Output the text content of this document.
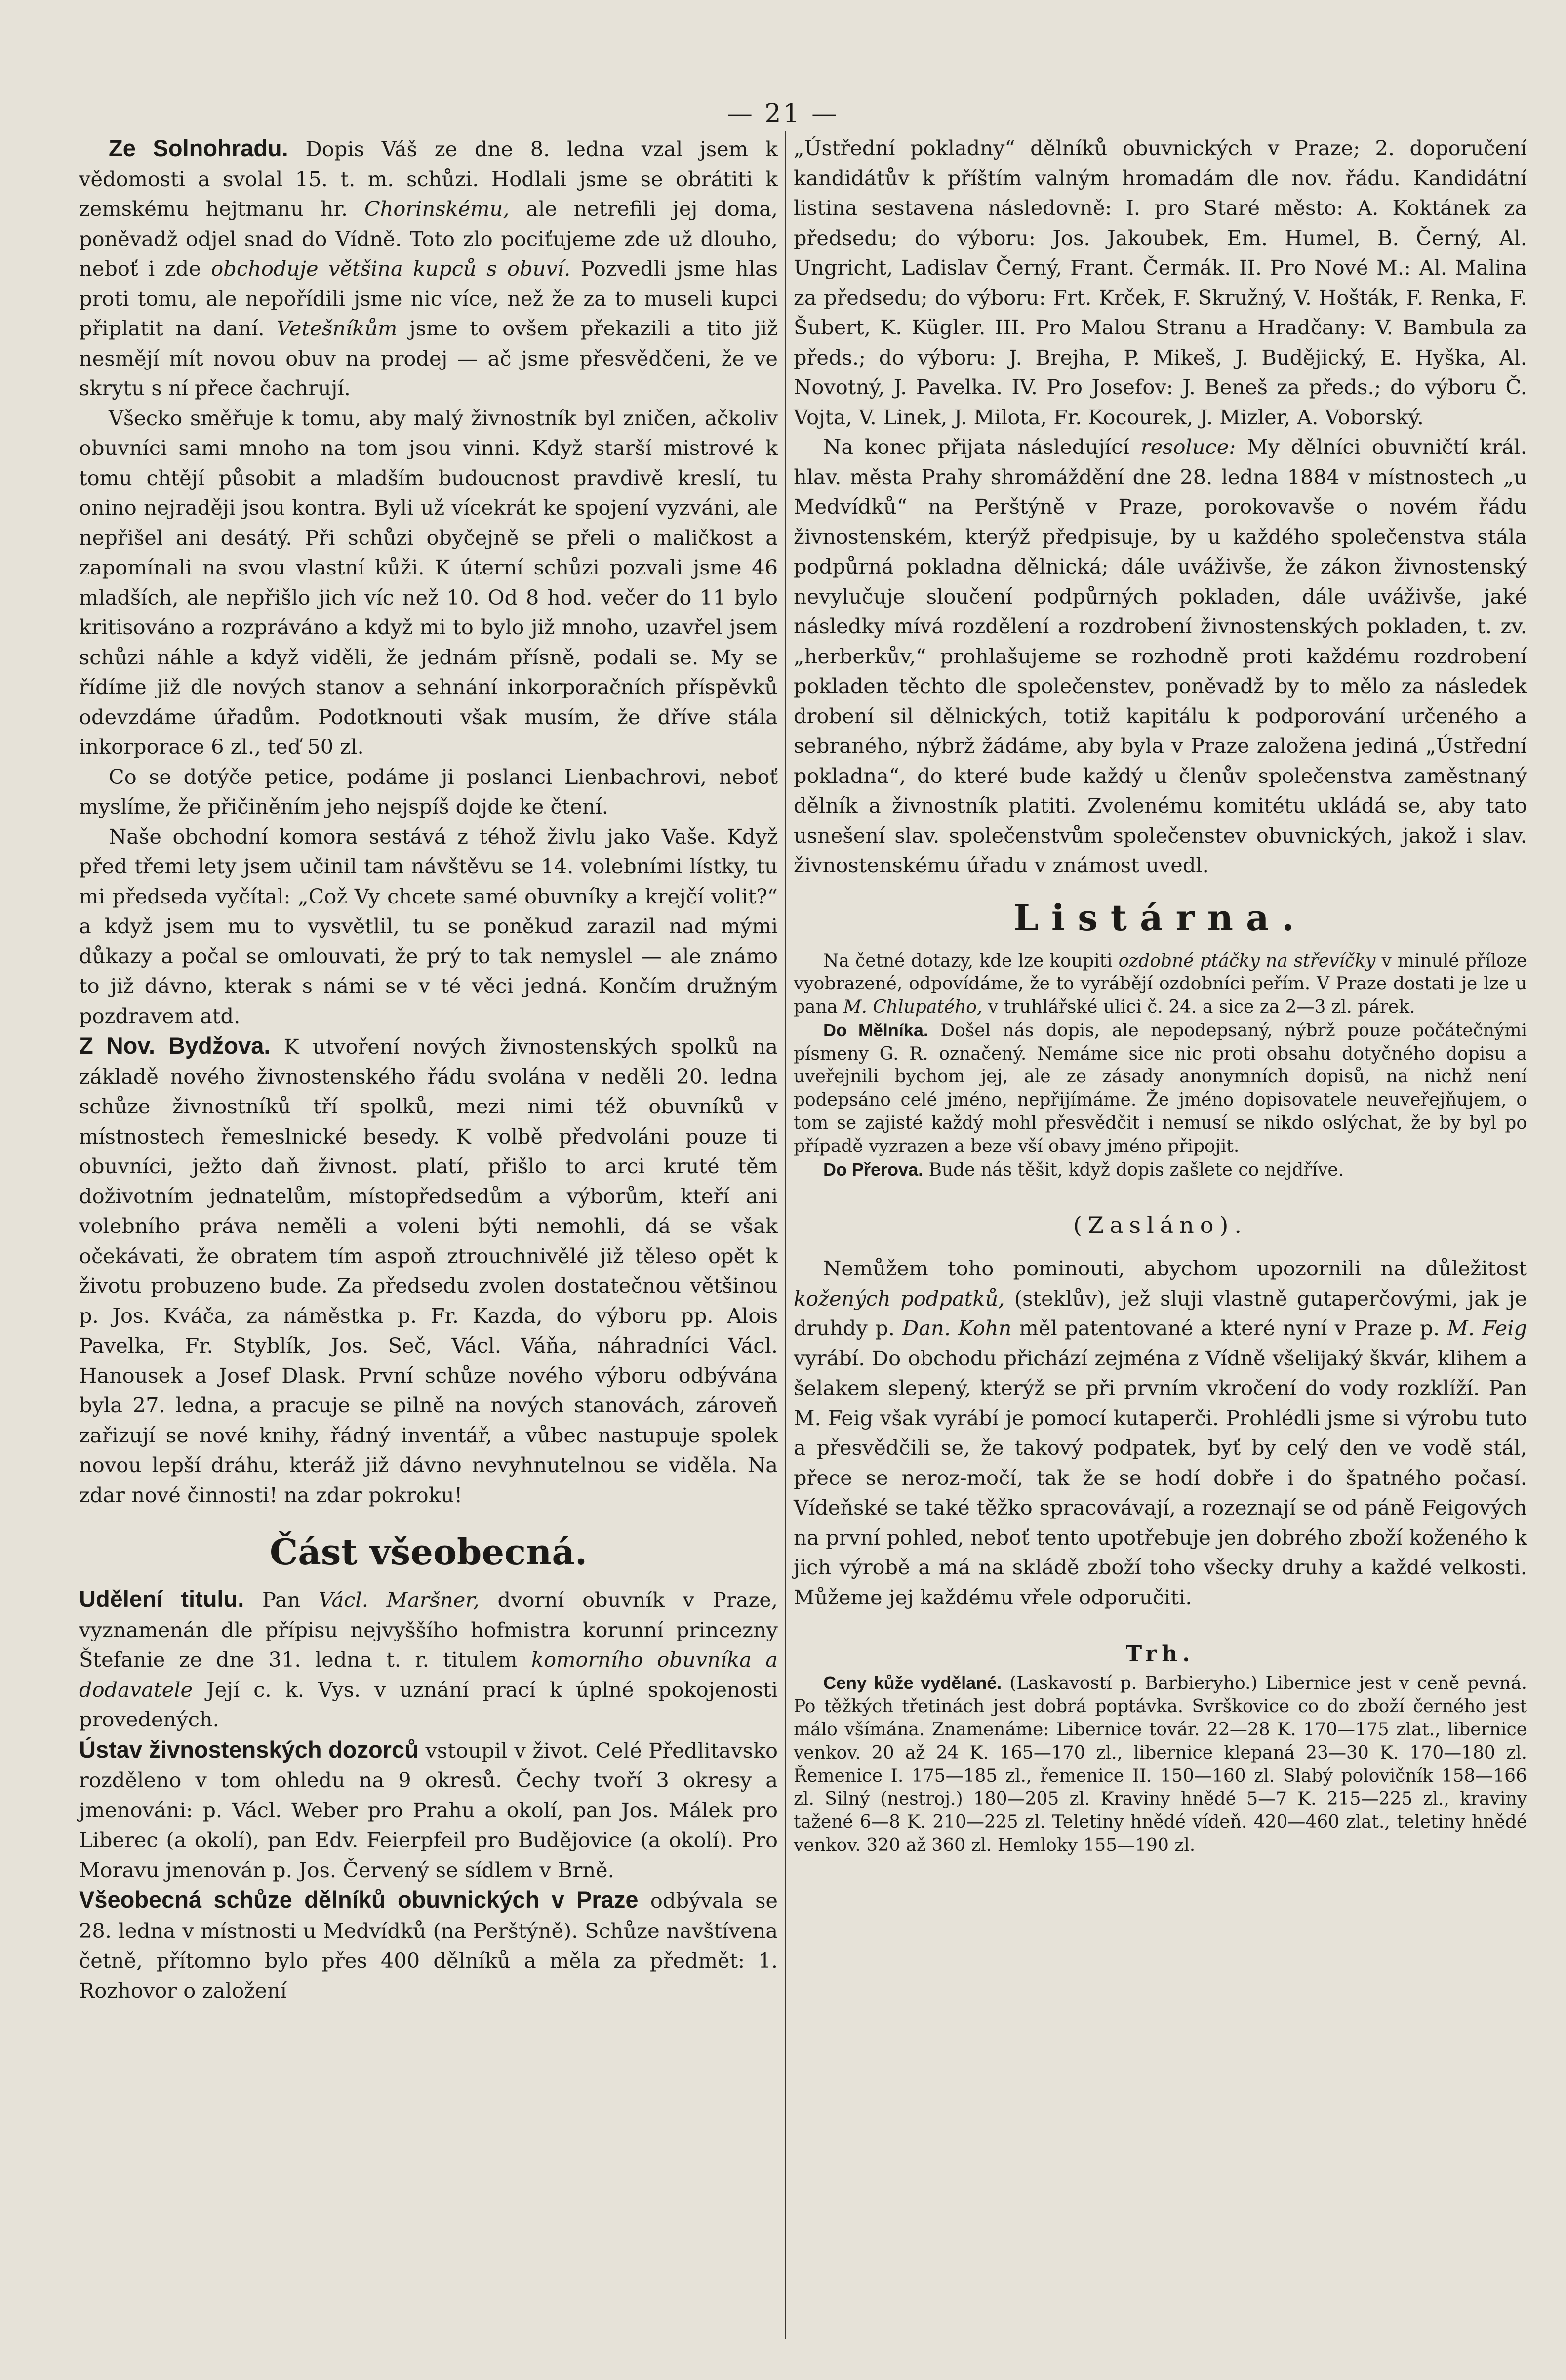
— 21 —

Ze Solnohradu. Dopis Váš ze dne 8. ledna vzal jsem k vědomosti a svolal 15. t. m. schůzi. Hodlali jsme se obrátiti k zemskému hejtmanu hr. Chorinskému, ale netrefili jej doma, poněvadž odjel snad do Vídně. Toto zlo pociťujeme zde už dlouho, neboť i zde obchoduje většina kupců s obuví. Pozvedli jsme hlas proti tomu, ale nepořídili jsme nic více, než že za to museli kupci připlatit na daní. Vetešníkům jsme to ovšem překazili a tito již nesmějí mít novou obuv na prodej — ač jsme přesvědčeni, že ve skrytu s ní přece čachrují.

Všecko směřuje k tomu, aby malý živnostník byl zničen, ačkoliv obuvníci sami mnoho na tom jsou vinni. Když starší mistrové k tomu chtějí působit a mladším budoucnost pravdivě kreslí, tu onino nejraději jsou kontra. Byli už vícekrát ke spojení vyzváni, ale nepřišel ani desátý. Při schůzi obyčejně se přeli o maličkost a zapomínali na svou vlastní kůži. K úterní schůzi pozvali jsme 46 mladších, ale nepřišlo jich víc než 10. Od 8 hod. večer do 11 bylo kritisováno a rozpráváno a když mi to bylo již mnoho, uzavřel jsem schůzi náhle a když viděli, že jednám přísně, podali se. My se řídíme již dle nových stanov a sehnání inkorporačních příspěvků odevzdáme úřadům. Podotknouti však musím, že dříve stála inkorporace 6 zl., teď 50 zl.

Co se dotýče petice, podáme ji poslanci Lienbachrovi, neboť myslíme, že přičiněním jeho nejspíš dojde ke čtení.

Naše obchodní komora sestává z téhož živlu jako Vaše. Když před třemi lety jsem učinil tam návštěvu se 14. volebními lístky, tu mi předseda vyčítal: „Což Vy chcete samé obuvníky a krejčí volit?“ a když jsem mu to vysvětlil, tu se poněkud zarazil nad mými důkazy a počal se omlouvati, že prý to tak nemyslel — ale známo to již dávno, kterak s námi se v té věci jedná. Končím družným pozdravem atd.

Z Nov. Bydžova. K utvoření nových živnostenských spolků na základě nového živnostenského řádu svolána v neděli 20. ledna schůze živnostníků tří spolků, mezi nimi též obuvníků v místnostech řemeslnické besedy. K volbě předvoláni pouze ti obuvníci, ježto daň živnost. platí, přišlo to arci kruté těm doživotním jednatelům, místopředsedům a výborům, kteří ani volebního práva neměli a voleni býti nemohli, dá se však očekávati, že obratem tím aspoň ztrouchnivělé již těleso opět k životu probuzeno bude. Za předsedu zvolen dostatečnou většinou p. Jos. Kváča, za náměstka p. Fr. Kazda, do výboru pp. Alois Pavelka, Fr. Styblík, Jos. Seč, Václ. Váňa, náhradníci Václ. Hanousek a Josef Dlask. První schůze nového výboru odbývána byla 27. ledna, a pracuje se pilně na nových stanovách, zároveň zařizují se nové knihy, řádný inventář, a vůbec nastupuje spolek novou lepší dráhu, kteráž již dávno nevyhnutelnou se viděla. Na zdar nové činnosti! na zdar pokroku!

Část všeobecná.

Udělení titulu. Pan Václ. Maršner, dvorní obuvník v Praze, vyznamenán dle přípisu nejvyššího hofmistra korunní princezny Štefanie ze dne 31. ledna t. r. titulem komorního obuvníka a dodavatele Její c. k. Vys. v uznání prací k úplné spokojenosti provedených.

Ústav živnostenských dozorců vstoupil v život. Celé Předlitavsko rozděleno v tom ohledu na 9 okresů. Čechy tvoří 3 okresy a jmenováni: p. Václ. Weber pro Prahu a okolí, pan Jos. Málek pro Liberec (a okolí), pan Edv. Feierpfeil pro Budějovice (a okolí). Pro Moravu jmenován p. Jos. Červený se sídlem v Brně.

Všeobecná schůze dělníků obuvnických v Praze odbývala se 28. ledna v místnosti u Medvídků (na Perštýně). Schůze navštívena četně, přítomno bylo přes 400 dělníků a měla za předmět: 1. Rozhovor o založení

„Ústřední pokladny“ dělníků obuvnických v Praze; 2. doporučení kandidátův k příštím valným hromadám dle nov. řádu. Kandidátní listina sestavena následovně: I. pro Staré město: A. Koktánek za předsedu; do výboru: Jos. Jakoubek, Em. Humel, B. Černý, Al. Ungricht, Ladislav Černý, Frant. Čermák. II. Pro Nové M.: Al. Malina za předsedu; do výboru: Frt. Krček, F. Skružný, V. Hošták, F. Renka, F. Šubert, K. Kügler. III. Pro Malou Stranu a Hradčany: V. Bambula za předs.; do výboru: J. Brejha, P. Mikeš, J. Budějický, E. Hyška, Al. Novotný, J. Pavelka. IV. Pro Josefov: J. Beneš za předs.; do výboru Č. Vojta, V. Linek, J. Milota, Fr. Kocourek, J. Mizler, A. Voborský.

Na konec přijata následující resoluce: My dělníci obuvničtí král. hlav. města Prahy shromáždění dne 28. ledna 1884 v místnostech „u Medvídků“ na Perštýně v Praze, porokovavše o novém řádu živnostenském, kterýž předpisuje, by u každého společenstva stála podpůrná pokladna dělnická; dále uváživše, že zákon živnostenský nevylučuje sloučení podpůrných pokladen, dále uváživše, jaké následky mívá rozdělení a rozdrobení živnostenských pokladen, t. zv. „herberkův,“ prohlašujeme se rozhodně proti každému rozdrobení pokladen těchto dle společenstev, poněvadž by to mělo za následek drobení sil dělnických, totiž kapitálu k podporování určeného a sebraného, nýbrž žádáme, aby byla v Praze založena jediná „Ústřední pokladna“, do které bude každý u členův společenstva zaměstnaný dělník a živnostník platiti. Zvolenému komitétu ukládá se, aby tato usnešení slav. společenstvům společenstev obuvnických, jakož i slav. živnostenskému úřadu v známost uvedl.

Listárna.

Na četné dotazy, kde lze koupiti ozdobné ptáčky na střevíčky v minulé příloze vyobrazené, odpovídáme, že to vyrábějí ozdobníci peřím. V Praze dostati je lze u pana M. Chlupatého, v truhlářské ulici č. 24. a sice za 2—3 zl. párek.

Do Mělníka. Došel nás dopis, ale nepodepsaný, nýbrž pouze počátečnými písmeny G. R. označený. Nemáme sice nic proti obsahu dotyčného dopisu a uveřejnili bychom jej, ale ze zásady anonymních dopisů, na nichž není podepsáno celé jméno, nepřijímáme. Že jméno dopisovatele neuveřejňujem, o tom se zajisté každý mohl přesvědčit i nemusí se nikdo oslýchat, že by byl po případě vyzrazen a beze vší obavy jméno připojit.

Do Přerova. Bude nás těšit, když dopis zašlete co nejdříve.

(Zasláno).

Nemůžem toho pominouti, abychom upozornili na důležitost kožených podpatků, (steklův), jež sluji vlastně gutaperčovými, jak je druhdy p. Dan. Kohn měl patentované a které nyní v Praze p. M. Feig vyrábí. Do obchodu přichází zejména z Vídně všelijaký škvár, klihem a šelakem slepený, kterýž se při prvním vkročení do vody rozklíží. Pan M. Feig však vyrábí je pomocí kutaperči. Prohlédli jsme si výrobu tuto a přesvědčili se, že takový podpatek, byť by celý den ve vodě stál, přece se neroz-močí, tak že se hodí dobře i do špatného počasí. Vídeňské se také těžko spracovávají, a rozeznají se od páně Feigových na první pohled, neboť tento upotřebuje jen dobrého zboží koženého k jich výrobě a má na skládě zboží toho všecky druhy a každé velkosti. Můžeme jej každému vřele odporučiti.

Trh.

Ceny kůže vydělané. (Laskavostí p. Barbieryho.) Libernice jest v ceně pevná. Po těžkých třetinách jest dobrá poptávka. Svrškovice co do zboží černého jest málo všímána. Znamenáme: Libernice továr. 22—28 K. 170—175 zlat., libernice venkov. 20 až 24 K. 165—170 zl., libernice klepaná 23—30 K. 170—180 zl. Řemenice I. 175—185 zl., řemenice II. 150—160 zl. Slabý polovičník 158—166 zl. Silný (nestroj.) 180—205 zl. Kraviny hnědé 5—7 K. 215—225 zl., kraviny tažené 6—8 K. 210—225 zl. Teletiny hnědé vídeň. 420—460 zlat., teletiny hnědé venkov. 320 až 360 zl. Hemloky 155—190 zl.
